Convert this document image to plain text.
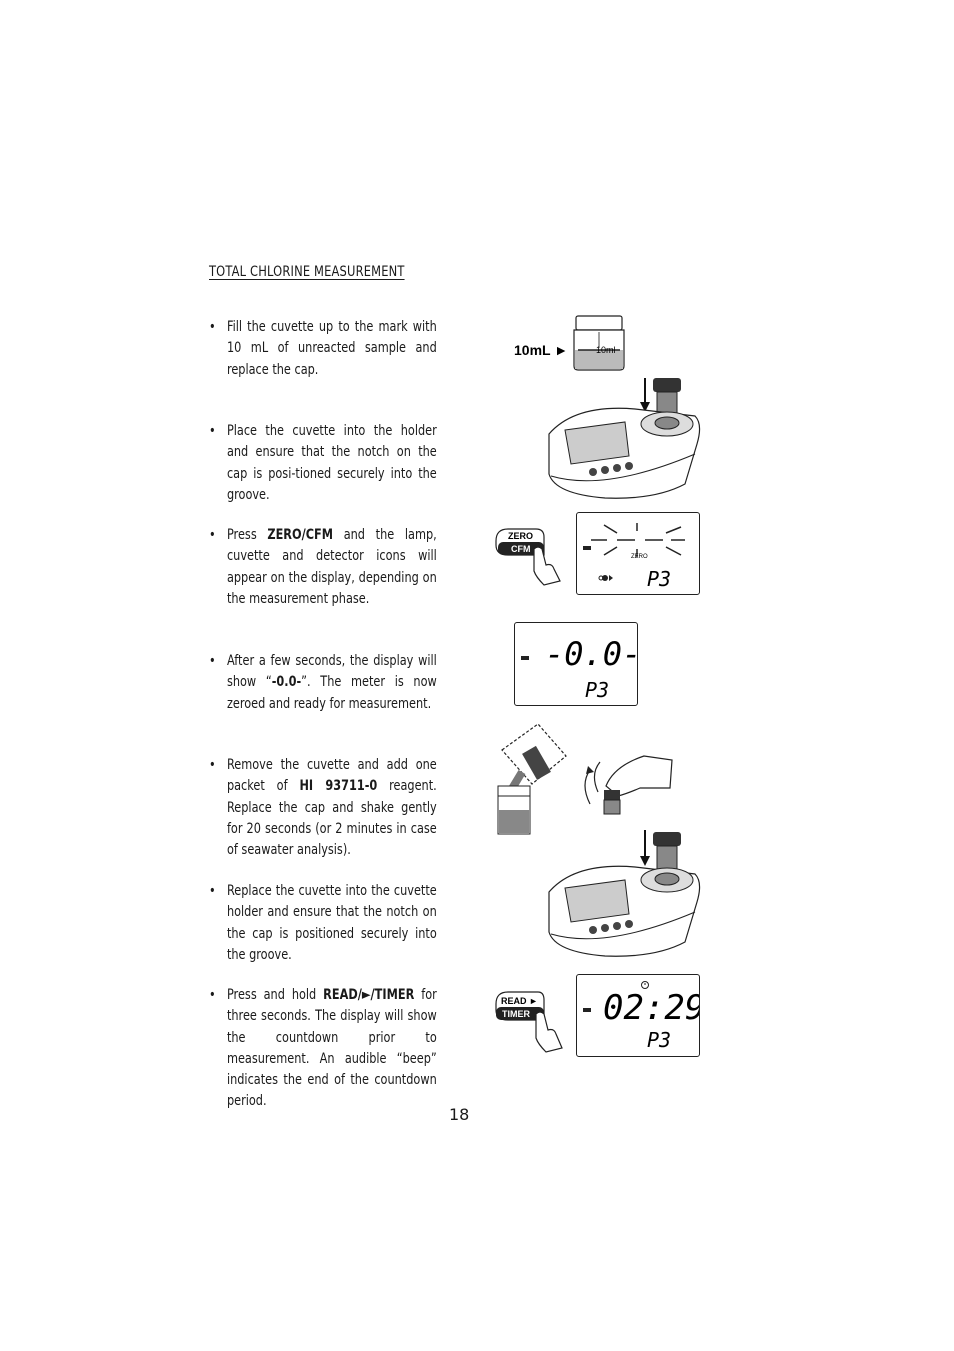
TOTAL CHLORINE MEASUREMENT
• Fill the cuvette up to the mark with 10 mL of unreacted sample and replace the cap.
• Place the cuvette into the holder and ensure that the notch on the cap is posi-tioned securely into the groove.
• Press ZERO/CFM and the lamp, cuvette and detector icons will appear on the display, depending on the measurement phase.
• After a few seconds, the display will show “-0.0-”. The meter is now zeroed and ready for measurement.
• Remove the cuvette and add one packet of HI 93711-0 reagent. Replace the cap and shake gently for 20 seconds (or 2 minutes in case of seawater analysis).
• Replace the cuvette into the cuvette holder and ensure that the notch on the cap is positioned securely into the groove.
• Press and hold READ/►/TIMER for three seconds. The display will show the countdown prior to measurement. An audible “beep” indicates the end of the countdown period.
10ml
10mL ►
ZERO
CFM
ZERO
P3
-0.0-
P3
READ ►
TIMER 02:29
P3
18
